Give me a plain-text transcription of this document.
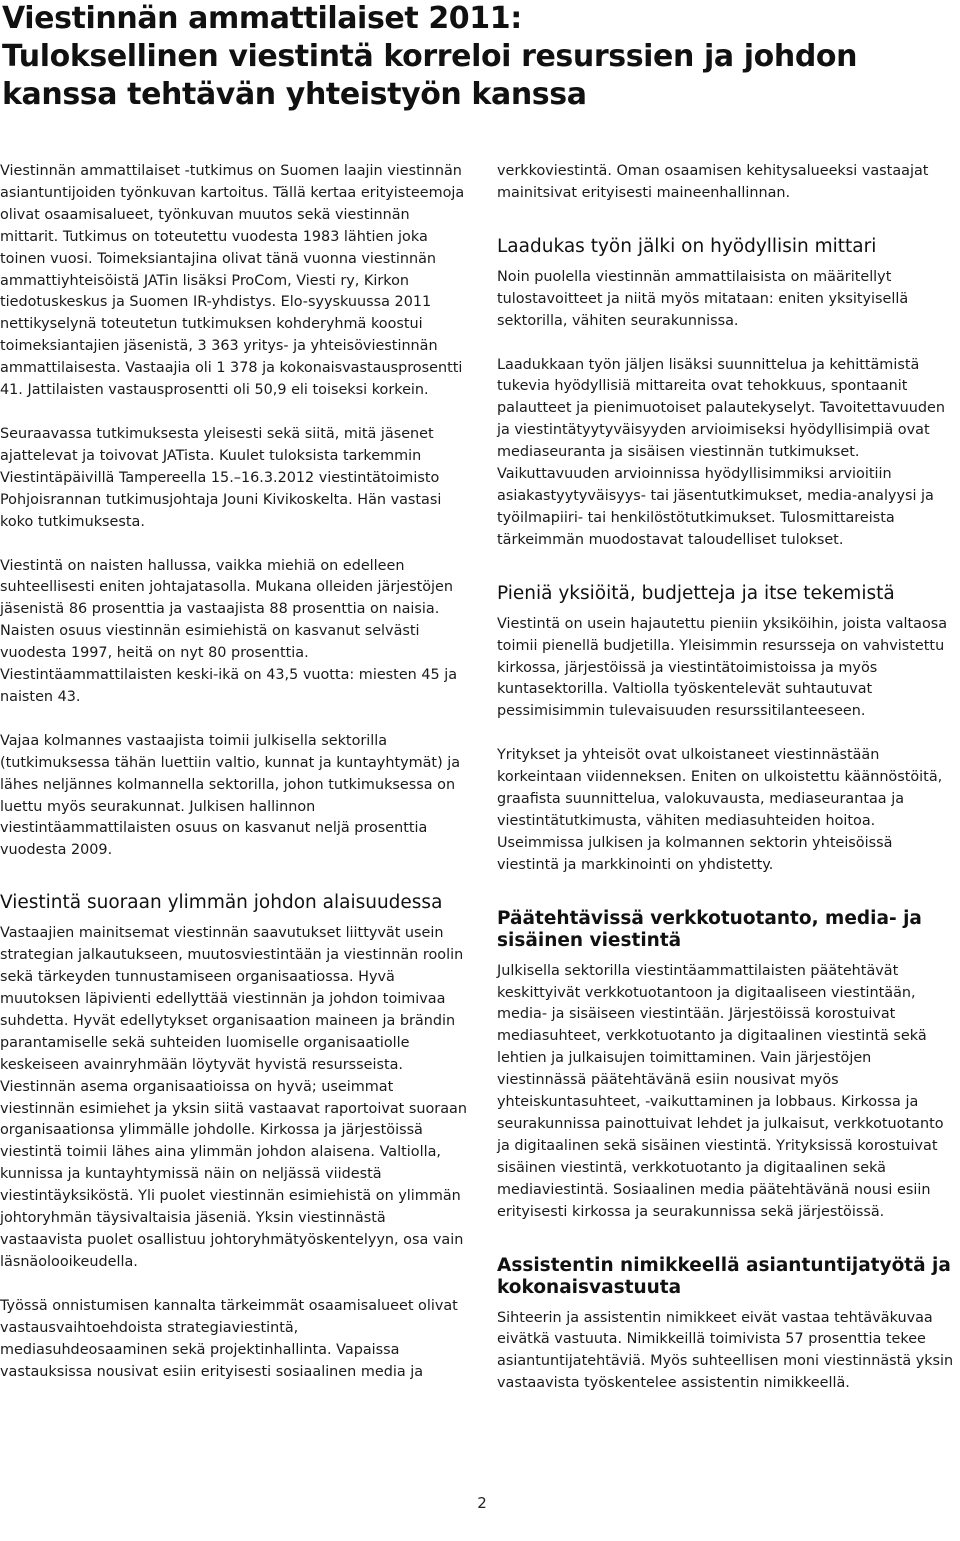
Viestinnän ammattilaiset 2011:
Tuloksellinen viestintä korreloi resurssien ja johdon
kanssa tehtävän yhteistyön kanssa

Viestinnän ammattilaiset -tutkimus on Suomen laajin viestinnän asiantuntijoiden työnkuvan kartoitus. Tällä kertaa erityisteemoja olivat osaamisalueet, työnkuvan muutos sekä viestinnän mittarit. Tutkimus on toteutettu vuodesta 1983 lähtien joka toinen vuosi. Toimeksiantajina olivat tänä vuonna viestinnän ammattiyhteisöistä JATin lisäksi ProCom, Viesti ry, Kirkon tiedotuskeskus ja Suomen IR-yhdistys. Elo-syyskuussa 2011 nettikyselynä toteutetun tutkimuksen kohderyhmä koostui toimeksiantajien jäsenistä, 3 363 yritys- ja yhteisöviestinnän ammattilaisesta. Vastaajia oli 1 378 ja kokonaisvastausprosentti 41. Jattilaisten vastausprosentti oli 50,9 eli toiseksi korkein.

Seuraavassa tutkimuksesta yleisesti sekä siitä, mitä jäsenet ajattelevat ja toivovat JATista. Kuulet tuloksista tarkemmin Viestintäpäivillä Tampereella 15.–16.3.2012 viestintätoimisto Pohjoisrannan tutkimusjohtaja Jouni Kivikoskelta. Hän vastasi koko tutkimuksesta.

Viestintä on naisten hallussa, vaikka miehiä on edelleen suhteellisesti eniten johtajatasolla. Mukana olleiden järjestöjen jäsenistä 86 prosenttia ja vastaajista 88 prosenttia on naisia. Naisten osuus viestinnän esimiehistä on kasvanut selvästi vuodesta 1997, heitä on nyt 80 prosenttia. Viestintäammattilaisten keski-ikä on 43,5 vuotta: miesten 45 ja naisten 43.

Vajaa kolmannes vastaajista toimii julkisella sektorilla (tutkimuksessa tähän luettiin valtio, kunnat ja kuntayhtymät) ja lähes neljännes kolmannella sektorilla, johon tutkimuksessa on luettu myös seurakunnat. Julkisen hallinnon viestintäammattilaisten osuus on kasvanut neljä prosenttia vuodesta 2009.

Viestintä suoraan ylimmän johdon alaisuudessa

Vastaajien mainitsemat viestinnän saavutukset liittyvät usein strategian jalkautukseen, muutosviestintään ja viestinnän roolin sekä tärkeyden tunnustamiseen organisaatiossa. Hyvä muutoksen läpivienti edellyttää viestinnän ja johdon toimivaa suhdetta. Hyvät edellytykset organisaation maineen ja brändin parantamiselle sekä suhteiden luomiselle organisaatiolle keskeiseen avainryhmään löytyvät hyvistä resursseista. Viestinnän asema organisaatioissa on hyvä; useimmat viestinnän esimiehet ja yksin siitä vastaavat raportoivat suoraan organisaationsa ylimmälle johdolle. Kirkossa ja järjestöissä viestintä toimii lähes aina ylimmän johdon alaisena. Valtiolla, kunnissa ja kuntayhtymissä näin on neljässä viidestä viestintäyksiköstä. Yli puolet viestinnän esimiehistä on ylimmän johtoryhmän täysivaltaisia jäseniä. Yksin viestinnästä vastaavista puolet osallistuu johtoryhmätyöskentelyyn, osa vain läsnäolooikeudella.

Työssä onnistumisen kannalta tärkeimmät osaamisalueet olivat vastausvaihtoehdoista strategiaviestintä, mediasuhdeosaaminen sekä projektinhallinta. Vapaissa vastauksissa nousivat esiin erityisesti sosiaalinen media ja

verkkoviestintä. Oman osaamisen kehitysalueeksi vastaajat mainitsivat erityisesti maineenhallinnan.

Laadukas työn jälki on hyödyllisin mittari

Noin puolella viestinnän ammattilaisista on määritellyt tulostavoitteet ja niitä myös mitataan: eniten yksityisellä sektorilla, vähiten seurakunnissa.

Laadukkaan työn jäljen lisäksi suunnittelua ja kehittämistä tukevia hyödyllisiä mittareita ovat tehokkuus, spontaanit palautteet ja pienimuotoiset palautekyselyt. Tavoitettavuuden ja viestintätyytyväisyyden arvioimiseksi hyödyllisimpiä ovat mediaseuranta ja sisäisen viestinnän tutkimukset. Vaikuttavuuden arvioinnissa hyödyllisimmiksi arvioitiin asiakastyytyväisyys- tai jäsentutkimukset, media-analyysi ja työilmapiiri- tai henkilöstötutkimukset. Tulosmittareista tärkeimmän muodostavat taloudelliset tulokset.

Pieniä yksiöitä, budjetteja ja itse tekemistä

Viestintä on usein hajautettu pieniin yksiköihin, joista valtaosa toimii pienellä budjetilla. Yleisimmin resursseja on vahvistettu kirkossa, järjestöissä ja viestintätoimistoissa ja myös kuntasektorilla. Valtiolla työskentelevät suhtautuvat pessimisimmin tulevaisuuden resurssitilanteeseen.

Yritykset ja yhteisöt ovat ulkoistaneet viestinnästään korkeintaan viidenneksen. Eniten on ulkoistettu käännöstöitä, graafista suunnittelua, valokuvausta, mediaseurantaa ja viestintätutkimusta, vähiten mediasuhteiden hoitoa. Useimmissa julkisen ja kolmannen sektorin yhteisöissä viestintä ja markkinointi on yhdistetty.

Päätehtävissä verkkotuotanto, media- ja sisäinen viestintä

Julkisella sektorilla viestintäammattilaisten päätehtävät keskittyivät verkkotuotantoon ja digitaaliseen viestintään, media- ja sisäiseen viestintään. Järjestöissä korostuivat mediasuhteet, verkkotuotanto ja digitaalinen viestintä sekä lehtien ja julkaisujen toimittaminen. Vain järjestöjen viestinnässä päätehtävänä esiin nousivat myös yhteiskuntasuhteet, -vaikuttaminen ja lobbaus. Kirkossa ja seurakunnissa painottuivat lehdet ja julkaisut, verkkotuotanto ja digitaalinen sekä sisäinen viestintä. Yrityksissä korostuivat sisäinen viestintä, verkkotuotanto ja digitaalinen sekä mediaviestintä. Sosiaalinen media päätehtävänä nousi esiin erityisesti kirkossa ja seurakunnissa sekä järjestöissä.

Assistentin nimikkeellä asiantuntijatyötä ja kokonaisvastuuta

Sihteerin ja assistentin nimikkeet eivät vastaa tehtäväkuvaa eivätkä vastuuta. Nimikkeillä toimivista 57 prosenttia tekee asiantuntijatehtäviä. Myös suhteellisen moni viestinnästä yksin vastaavista työskentelee assistentin nimikkeellä.

2
